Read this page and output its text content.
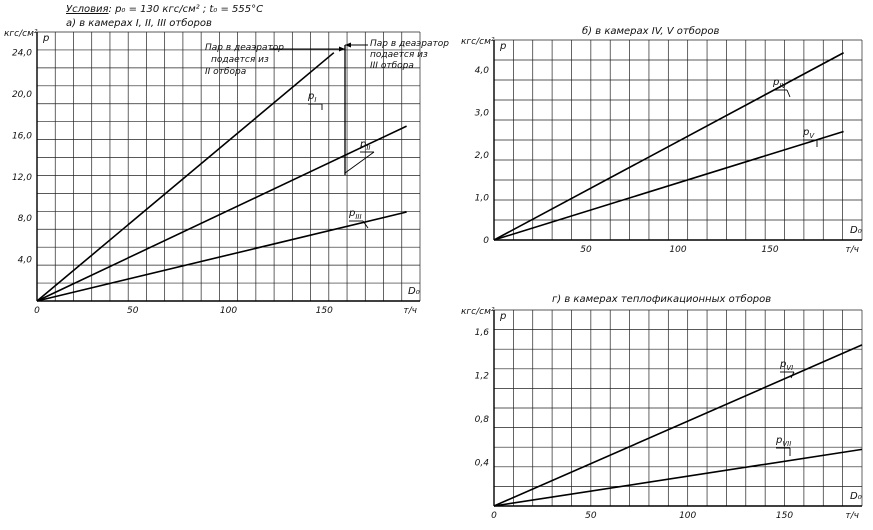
Условия: p₀ = 130 кгс/см² ; t₀ = 555°C
а) в камерах I, II, III отборов
4,0
8,0
12,0
16,0
20,0
24,0
0	50	100	150
кгс/см² p
D₀
т/ч
0
1,0
2,0
3,0
4,0
50	100	150
кгс/см² p
D₀
т/ч
0,4
0,8
1,2
1,6
0	50	100	150
кгс/см² p
D₀
т/ч
б) в камерах IV, V отборов
г) в камерах теплофикационных отборов
$p_I$
$p_{II}$
$p_{III}$
$p_{IV}$
$p_V$
$p_{VI}$
$p_{VII}$
Пар в деаэратор
подается из
II отбора
Пар в деаэратор
подается из
III отбора
